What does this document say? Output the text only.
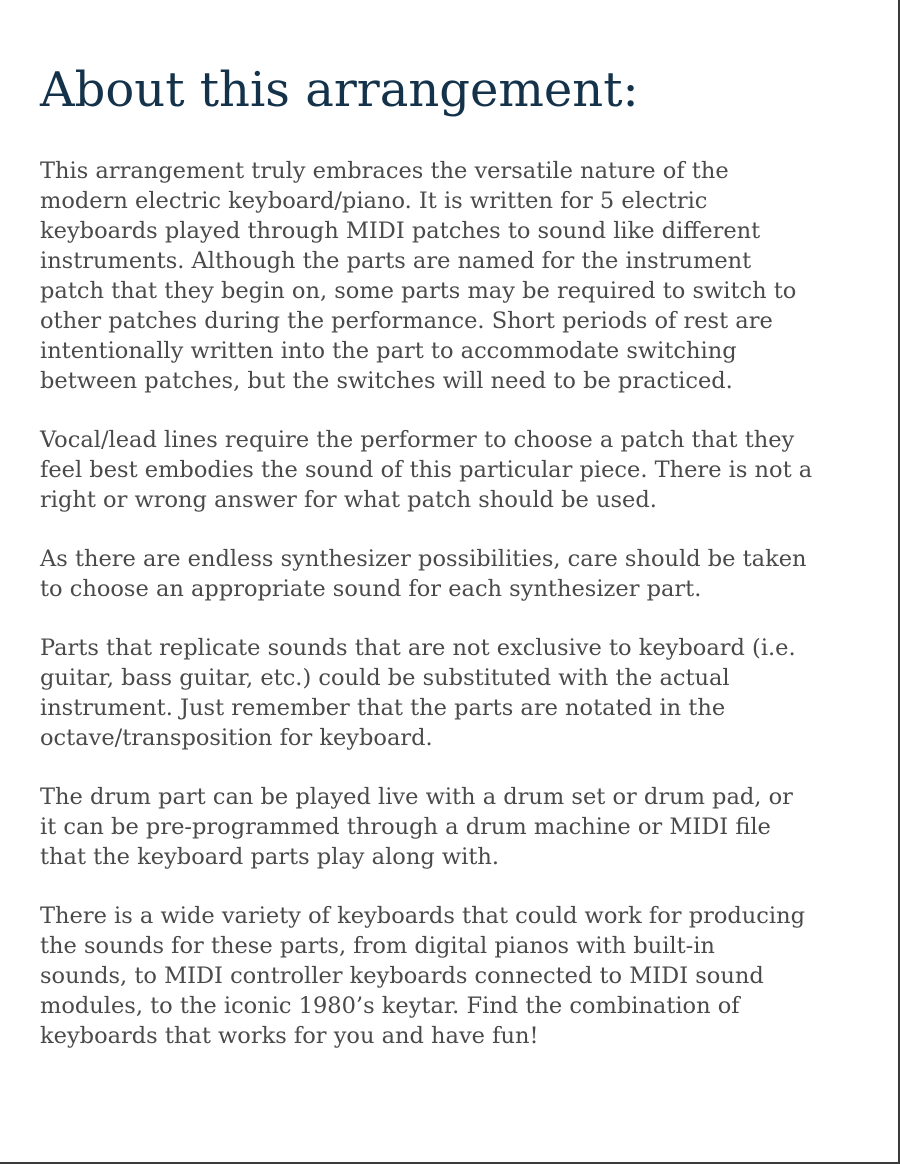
About this arrangement:

This arrangement truly embraces the versatile nature of the
modern electric keyboard/piano. It is written for 5 electric
keyboards played through MIDI patches to sound like different
instruments. Although the parts are named for the instrument
patch that they begin on, some parts may be required to switch to
other patches during the performance. Short periods of rest are
intentionally written into the part to accommodate switching
between patches, but the switches will need to be practiced.

Vocal/lead lines require the performer to choose a patch that they
feel best embodies the sound of this particular piece. There is not a
right or wrong answer for what patch should be used.

As there are endless synthesizer possibilities, care should be taken
to choose an appropriate sound for each synthesizer part.

Parts that replicate sounds that are not exclusive to keyboard (i.e.
guitar, bass guitar, etc.) could be substituted with the actual
instrument. Just remember that the parts are notated in the
octave/transposition for keyboard.

The drum part can be played live with a drum set or drum pad, or
it can be pre-programmed through a drum machine or MIDI file
that the keyboard parts play along with.

There is a wide variety of keyboards that could work for producing
the sounds for these parts, from digital pianos with built-in
sounds, to MIDI controller keyboards connected to MIDI sound
modules, to the iconic 1980’s keytar. Find the combination of
keyboards that works for you and have fun!
